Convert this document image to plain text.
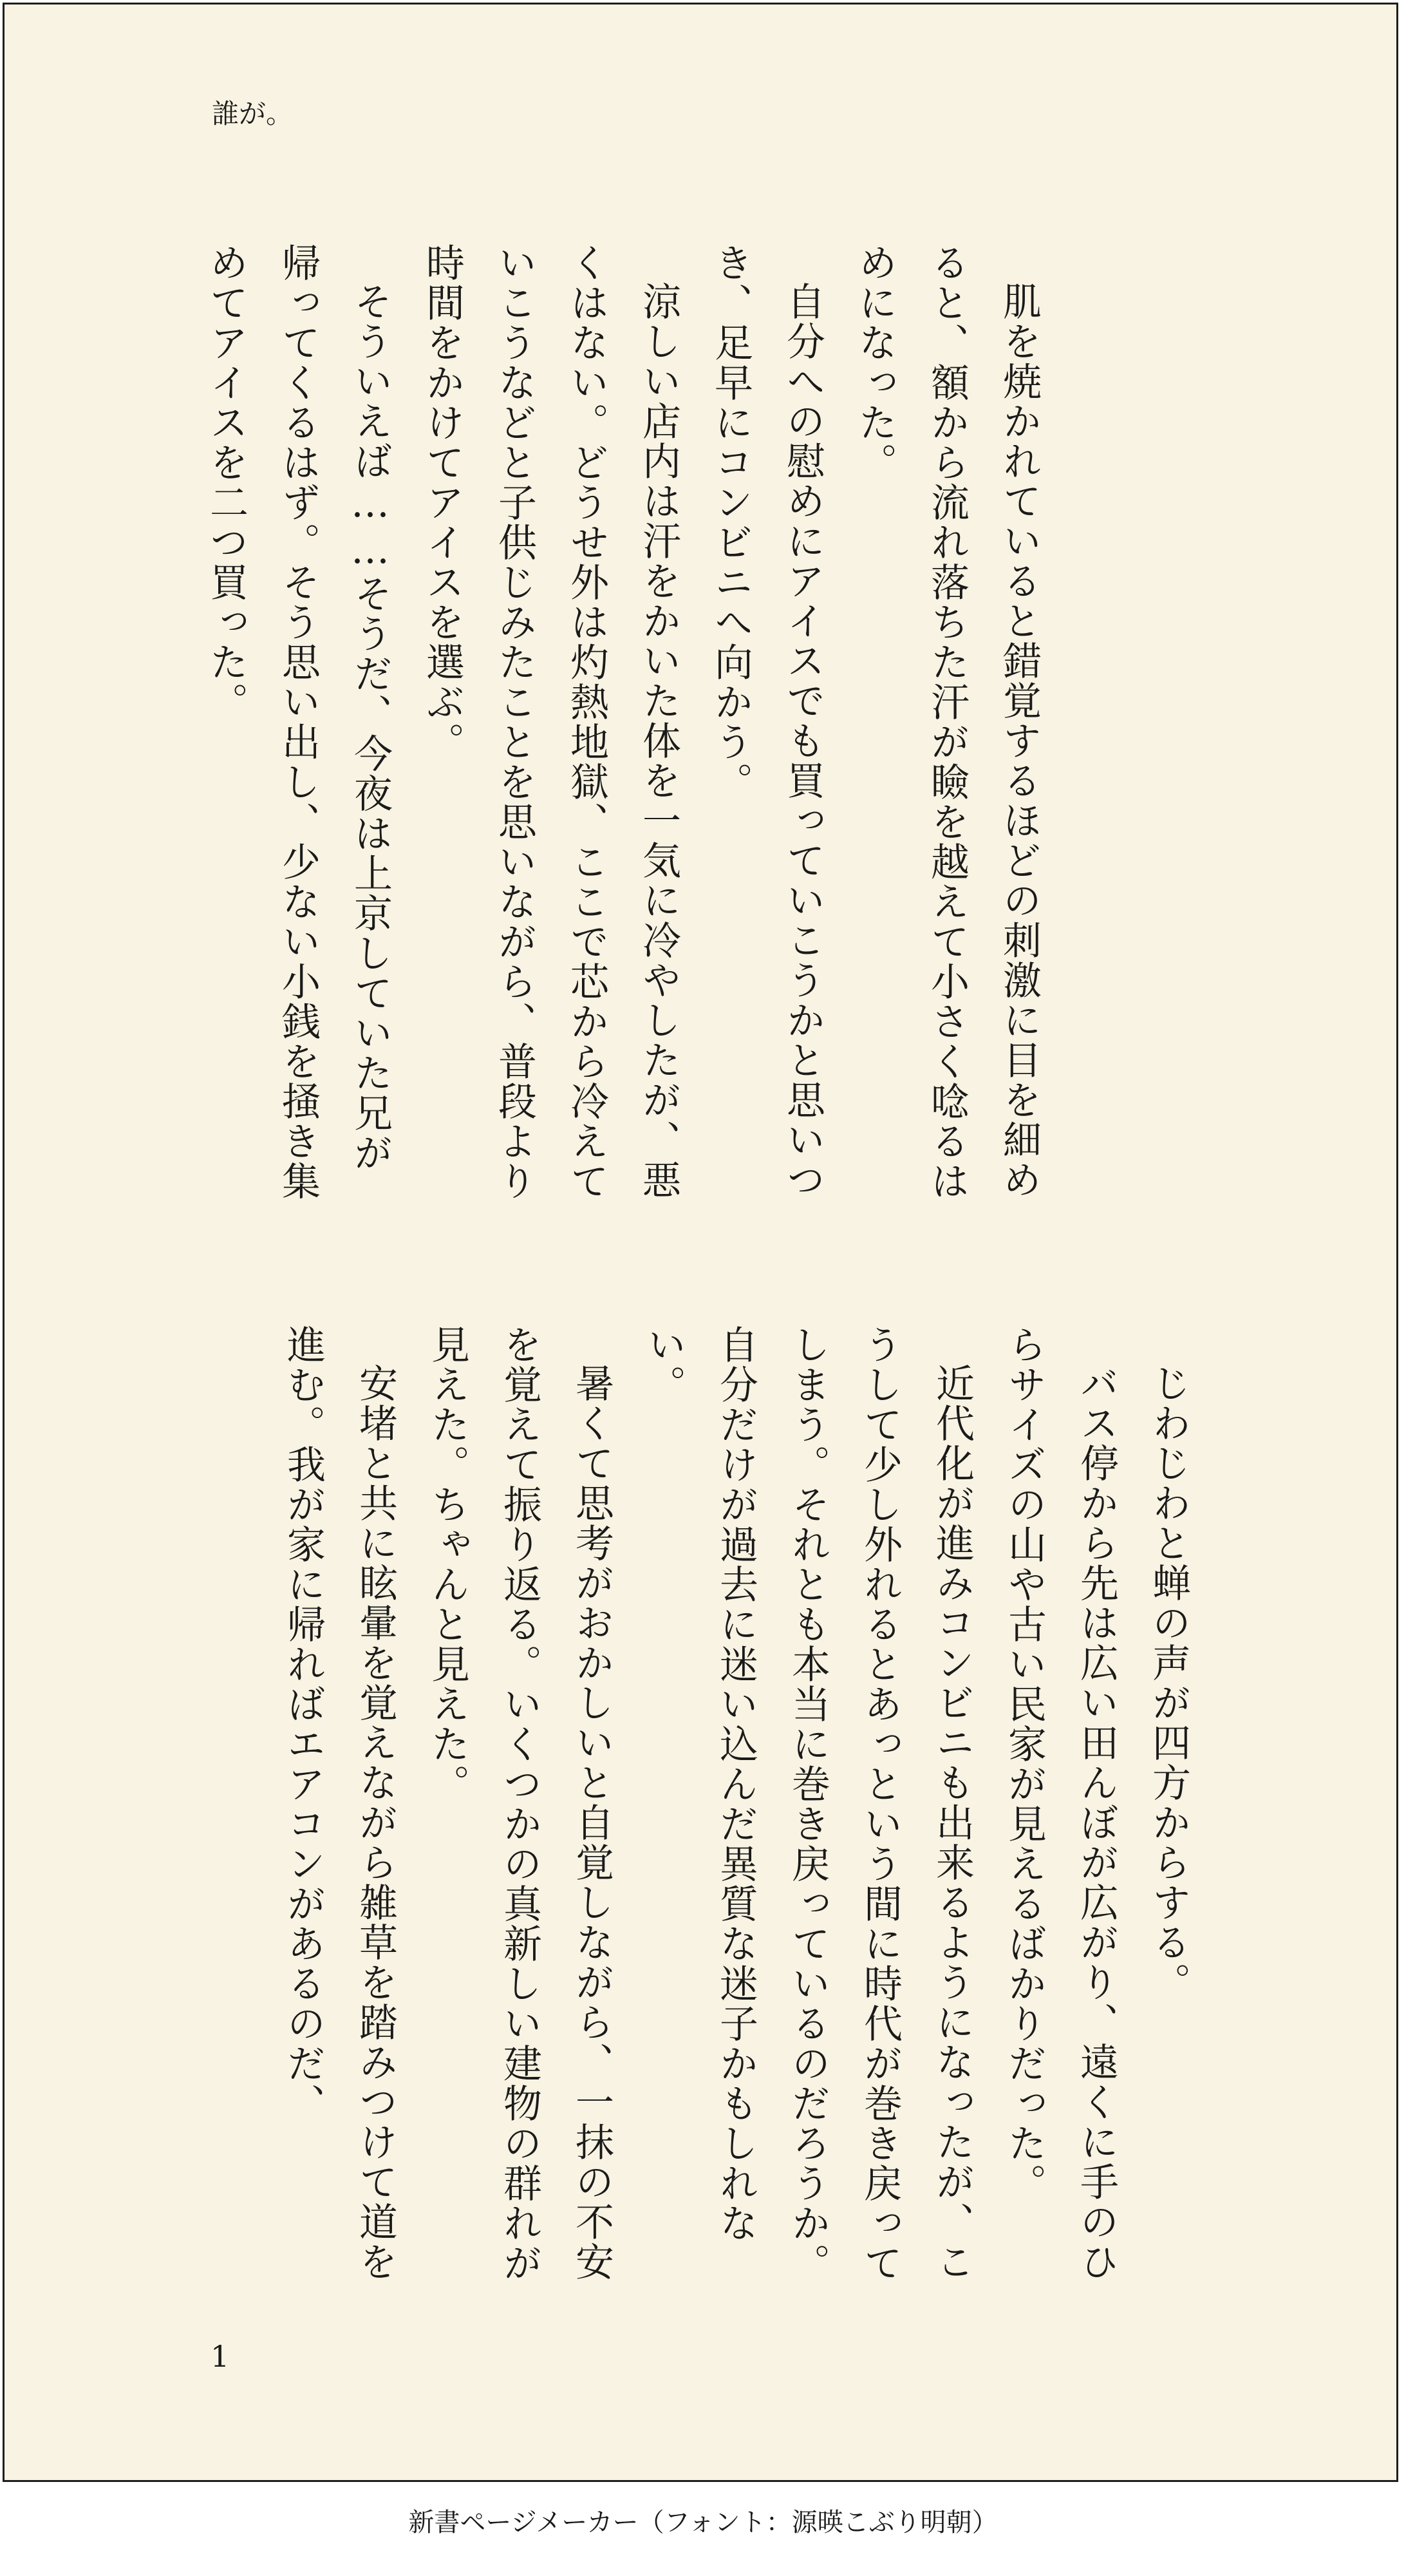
誰が。

肌を焼かれていると錯覚するほどの刺激に目を細めると、額から流れ落ちた汗が瞼を越えて小さく唸るはめになった。

自分への慰めにアイスでも買っていこうかと思いつき、足早にコンビニへ向かう。

涼しい店内は汗をかいた体を一気に冷やしたが、悪くはない。どうせ外は灼熱地獄、ここで芯から冷えていこうなどと子供じみたことを思いながら、普段より時間をかけてアイスを選ぶ。

そういえば……そうだ、今夜は上京していた兄が帰ってくるはず。そう思い出し、少ない小銭を掻き集めてアイスを二つ買った。

じわじわと蝉の声が四方からする。

バス停から先は広い田んぼが広がり、遠くに手のひらサイズの山や古い民家が見えるばかりだった。

近代化が進みコンビニも出来るようになったが、こうして少し外れるとあっという間に時代が巻き戻ってしまう。それとも本当に巻き戻っているのだろうか。自分だけが過去に迷い込んだ異質な迷子かもしれない。

暑くて思考がおかしいと自覚しながら、一抹の不安を覚えて振り返る。いくつかの真新しい建物の群れが見えた。ちゃんと見えた。

安堵と共に眩暈を覚えながら雑草を踏みつけて道を進む。我が家に帰ればエアコンがあるのだ、

1
新書ページメーカー（フォント：源暎こぶり明朝）
